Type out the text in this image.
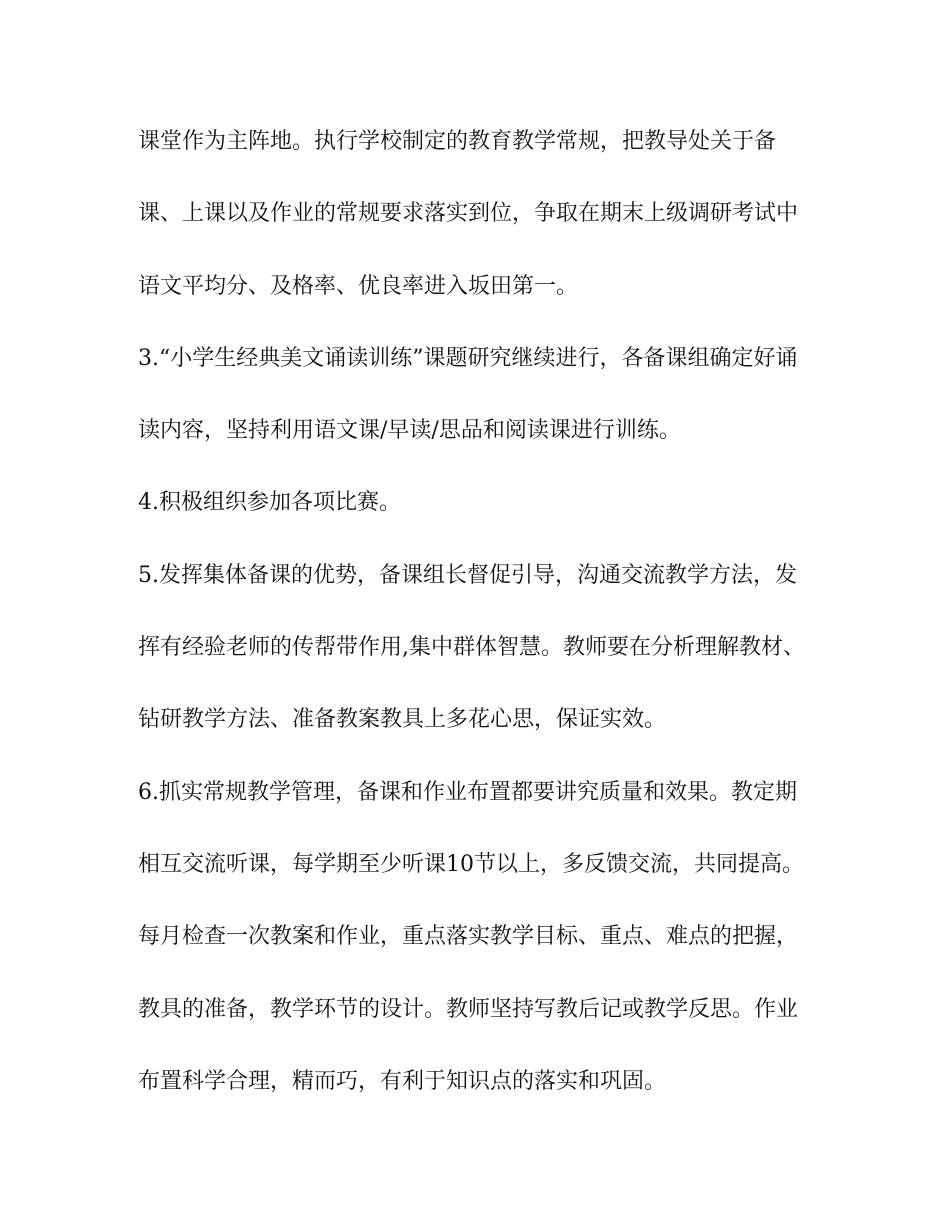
课堂作为主阵地。执行学校制定的教育教学常规，把教导处关于备
课、上课以及作业的常规要求落实到位，争取在期末上级调研考试中
语文平均分、及格率、优良率进入坂田第一。
3.“小学生经典美文诵读训练”课题研究继续进行，各备课组确定好诵
读内容，坚持利用语文课/早读/思品和阅读课进行训练。
4.积极组织参加各项比赛。
5.发挥集体备课的优势，备课组长督促引导，沟通交流教学方法，发
挥有经验老师的传帮带作用,集中群体智慧。教师要在分析理解教材、
钻研教学方法、准备教案教具上多花心思，保证实效。
6.抓实常规教学管理，备课和作业布置都要讲究质量和效果。教定期
相互交流听课，每学期至少听课10节以上，多反馈交流，共同提高。
每月检查一次教案和作业，重点落实教学目标、重点、难点的把握，
教具的准备，教学环节的设计。教师坚持写教后记或教学反思。作业
布置科学合理，精而巧，有利于知识点的落实和巩固。
